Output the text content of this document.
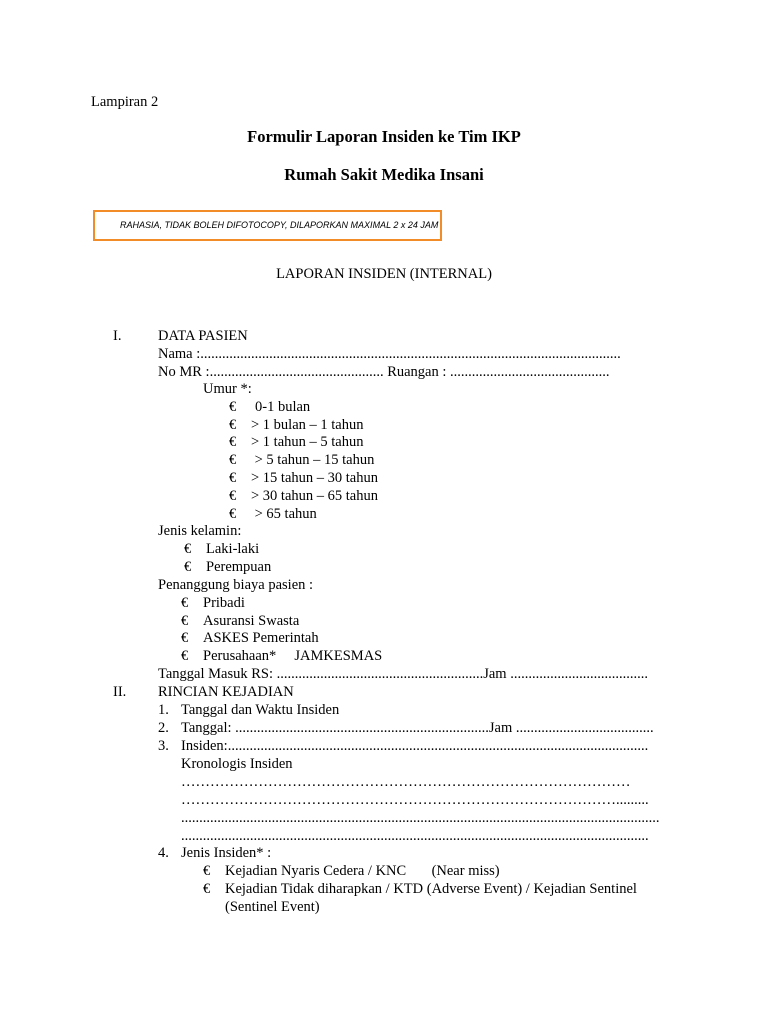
Lampiran 2
Formulir Laporan Insiden ke Tim IKP
Rumah Sakit Medika Insani
RAHASIA, TIDAK BOLEH DIFOTOCOPY, DILAPORKAN MAXIMAL 2 x 24 JAM
LAPORAN INSIDEN (INTERNAL)
I.	DATA PASIEN
Nama :....................................................................................................................
No MR :................................................ Ruangan : ............................................
Umur *:
€ 0-1 bulan
€ > 1 bulan – 1 tahun
€ > 1 tahun – 5 tahun
€ > 5 tahun – 15 tahun
€ > 15 tahun – 30 tahun
€ > 30 tahun – 65 tahun
€ > 65 tahun
Jenis kelamin:
€ Laki-laki
€ Perempuan
Penanggung biaya pasien :
€ Pribadi
€ Asuransi Swasta
€ ASKES Pemerintah
€ Perusahaan*     JAMKESMAS
Tanggal Masuk RS: .........................................................Jam ......................................
II. RINCIAN KEJADIAN
1. Tanggal dan Waktu Insiden
2. Tanggal: ......................................................................Jam ......................................
3. Insiden:....................................................................................................................
Kronologis Insiden
…………………………………………………………………………………
……………………………………………………………………………….........
....................................................................................................................................
.................................................................................................................................
4. Jenis Insiden* :
€ Kejadian Nyaris Cedera / KNC       (Near miss)
€ Kejadian Tidak diharapkan / KTD (Adverse Event) / Kejadian Sentinel
(Sentinel Event)
